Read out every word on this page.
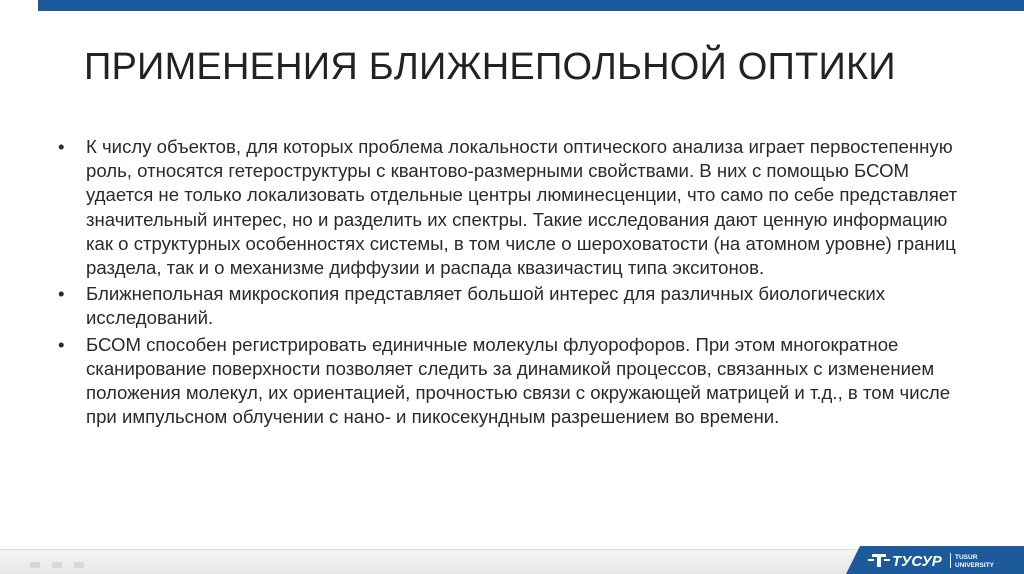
ПРИМЕНЕНИЯ БЛИЖНЕПОЛЬНОЙ ОПТИКИ
•	К числу объектов, для которых проблема локальности оптического анализа играет первостепенную роль, относятся гетероструктуры с квантово-размерными свойствами. В них с помощью БСОМ удается не только локализовать отдельные центры люминесценции, что само по себе представляет значительный интерес, но и разделить их спектры. Такие исследования дают ценную информацию как о структурных особенностях системы, в том числе о шероховатости (на атомном уровне) границ раздела, так и о механизме диффузии и распада квазичастиц типа экситонов.
•	Ближнепольная микроскопия представляет большой интерес для различных биологических исследований.
•	БСОМ способен регистрировать единичные молекулы флуорофоров. При этом многократное сканирование поверхности позволяет следить за динамикой процессов, связанных с изменением положения молекул, их ориентацией, прочностью связи с окружающей матрицей и т.д., в том числе при импульсном облучении с нано- и пикосекундным разрешением во времени.
ТУСУР TUSUR
UNIVERSITY
